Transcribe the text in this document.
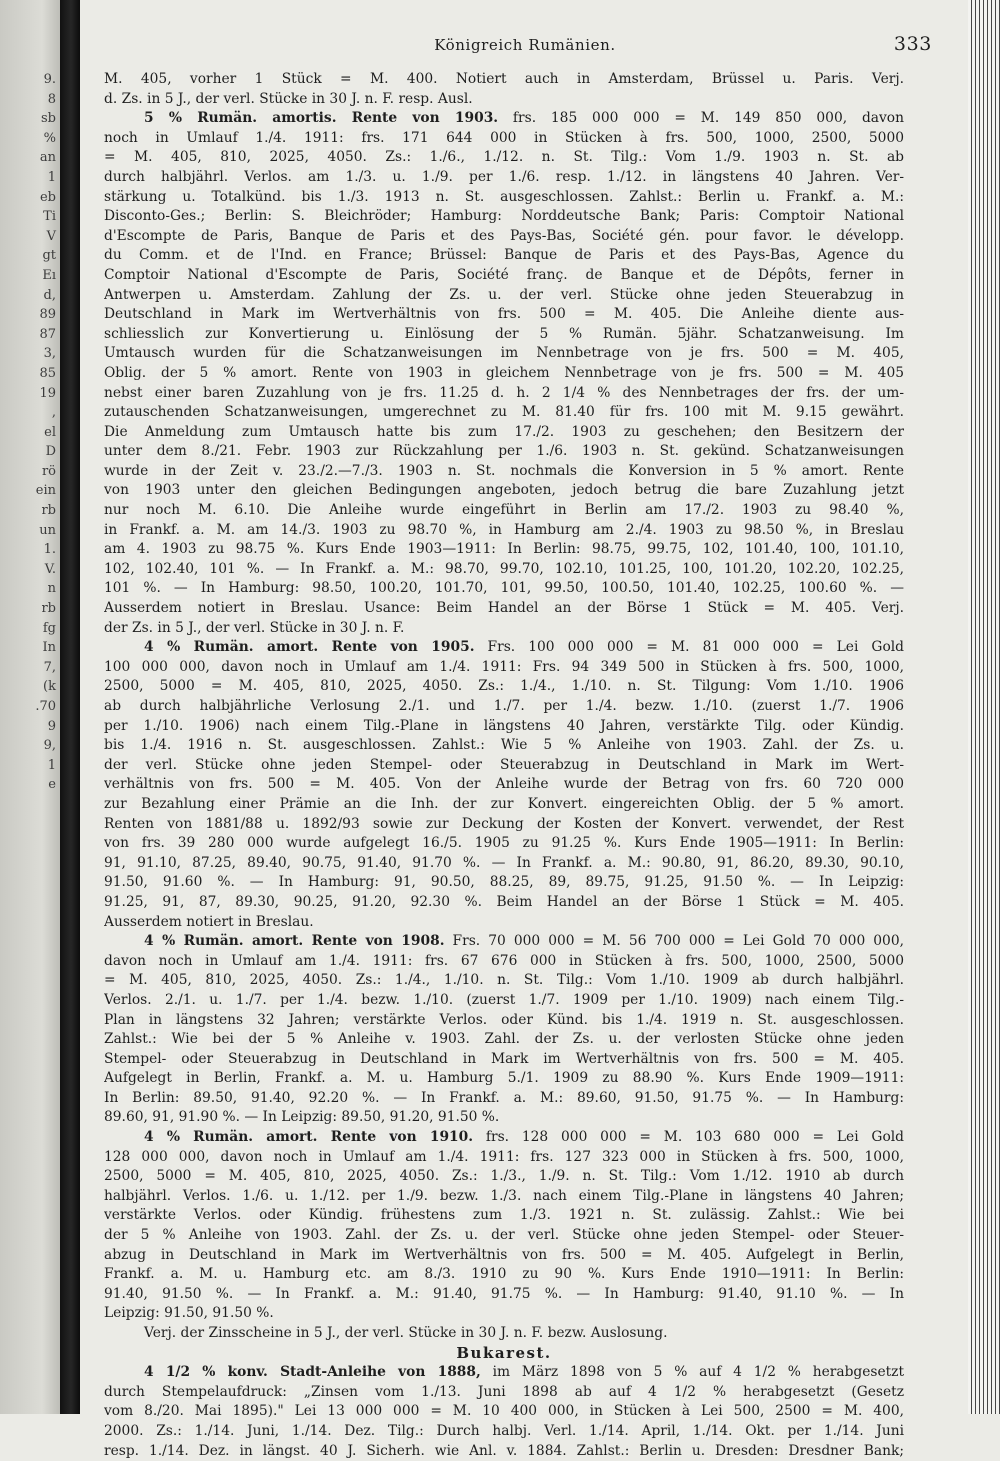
9.
8
sb
%
an
1
eb
Ti
V
gt
Eı
d,
89
87
3,
85
19
,
el
D
rö
ein
rb
un
1.
V.
n
rb
fg
In
7,
(k
.70
9
9,
1
e
Königreich Rumänien.	333
M. 405, vorher 1 Stück = M. 400. Notiert auch in Amsterdam, Brüssel u. Paris. Verj.
d. Zs. in 5 J., der verl. Stücke in 30 J. n. F. resp. Ausl.
5 % Rumän. amortis. Rente von 1903. frs. 185 000 000 = M. 149 850 000, davon
noch in Umlauf 1./4. 1911: frs. 171 644 000 in Stücken à frs. 500, 1000, 2500, 5000
= M. 405, 810, 2025, 4050. Zs.: 1./6., 1./12. n. St. Tilg.: Vom 1./9. 1903 n. St. ab
durch halbjährl. Verlos. am 1./3. u. 1./9. per 1./6. resp. 1./12. in längstens 40 Jahren. Ver-
stärkung u. Totalkünd. bis 1./3. 1913 n. St. ausgeschlossen. Zahlst.: Berlin u. Frankf. a. M.:
Disconto-Ges.; Berlin: S. Bleichröder; Hamburg: Norddeutsche Bank; Paris: Comptoir National
d'Escompte de Paris, Banque de Paris et des Pays-Bas, Société gén. pour favor. le développ.
du Comm. et de l'Ind. en France; Brüssel: Banque de Paris et des Pays-Bas, Agence du
Comptoir National d'Escompte de Paris, Société franç. de Banque et de Dépôts, ferner in
Antwerpen u. Amsterdam. Zahlung der Zs. u. der verl. Stücke ohne jeden Steuerabzug in
Deutschland in Mark im Wertverhältnis von frs. 500 = M. 405. Die Anleihe diente aus-
schliesslich zur Konvertierung u. Einlösung der 5 % Rumän. 5jähr. Schatzanweisung. Im
Umtausch wurden für die Schatzanweisungen im Nennbetrage von je frs. 500 = M. 405,
Oblig. der 5 % amort. Rente von 1903 in gleichem Nennbetrage von je frs. 500 = M. 405
nebst einer baren Zuzahlung von je frs. 11.25 d. h. 2 1/4 % des Nennbetrages der frs. der um-
zutauschenden Schatzanweisungen, umgerechnet zu M. 81.40 für frs. 100 mit M. 9.15 gewährt.
Die Anmeldung zum Umtausch hatte bis zum 17./2. 1903 zu geschehen; den Besitzern der
unter dem 8./21. Febr. 1903 zur Rückzahlung per 1./6. 1903 n. St. gekünd. Schatzanweisungen
wurde in der Zeit v. 23./2.—7./3. 1903 n. St. nochmals die Konversion in 5 % amort. Rente
von 1903 unter den gleichen Bedingungen angeboten, jedoch betrug die bare Zuzahlung jetzt
nur noch M. 6.10. Die Anleihe wurde eingeführt in Berlin am 17./2. 1903 zu 98.40 %,
in Frankf. a. M. am 14./3. 1903 zu 98.70 %, in Hamburg am 2./4. 1903 zu 98.50 %, in Breslau
am 4. 1903 zu 98.75 %. Kurs Ende 1903—1911: In Berlin: 98.75, 99.75, 102, 101.40, 100, 101.10,
102, 102.40, 101 %. — In Frankf. a. M.: 98.70, 99.70, 102.10, 101.25, 100, 101.20, 102.20, 102.25,
101 %. — In Hamburg: 98.50, 100.20, 101.70, 101, 99.50, 100.50, 101.40, 102.25, 100.60 %. —
Ausserdem notiert in Breslau. Usance: Beim Handel an der Börse 1 Stück = M. 405. Verj.
der Zs. in 5 J., der verl. Stücke in 30 J. n. F.
4 % Rumän. amort. Rente von 1905. Frs. 100 000 000 = M. 81 000 000 = Lei Gold
100 000 000, davon noch in Umlauf am 1./4. 1911: Frs. 94 349 500 in Stücken à frs. 500, 1000,
2500, 5000 = M. 405, 810, 2025, 4050. Zs.: 1./4., 1./10. n. St. Tilgung: Vom 1./10. 1906
ab durch halbjährliche Verlosung 2./1. und 1./7. per 1./4. bezw. 1./10. (zuerst 1./7. 1906
per 1./10. 1906) nach einem Tilg.-Plane in längstens 40 Jahren, verstärkte Tilg. oder Kündig.
bis 1./4. 1916 n. St. ausgeschlossen. Zahlst.: Wie 5 % Anleihe von 1903. Zahl. der Zs. u.
der verl. Stücke ohne jeden Stempel- oder Steuerabzug in Deutschland in Mark im Wert-
verhältnis von frs. 500 = M. 405. Von der Anleihe wurde der Betrag von frs. 60 720 000
zur Bezahlung einer Prämie an die Inh. der zur Konvert. eingereichten Oblig. der 5 % amort.
Renten von 1881/88 u. 1892/93 sowie zur Deckung der Kosten der Konvert. verwendet, der Rest
von frs. 39 280 000 wurde aufgelegt 16./5. 1905 zu 91.25 %. Kurs Ende 1905—1911: In Berlin:
91, 91.10, 87.25, 89.40, 90.75, 91.40, 91.70 %. — In Frankf. a. M.: 90.80, 91, 86.20, 89.30, 90.10,
91.50, 91.60 %. — In Hamburg: 91, 90.50, 88.25, 89, 89.75, 91.25, 91.50 %. — In Leipzig:
91.25, 91, 87, 89.30, 90.25, 91.20, 92.30 %. Beim Handel an der Börse 1 Stück = M. 405.
Ausserdem notiert in Breslau.
4 % Rumän. amort. Rente von 1908. Frs. 70 000 000 = M. 56 700 000 = Lei Gold 70 000 000,
davon noch in Umlauf am 1./4. 1911: frs. 67 676 000 in Stücken à frs. 500, 1000, 2500, 5000
= M. 405, 810, 2025, 4050. Zs.: 1./4., 1./10. n. St. Tilg.: Vom 1./10. 1909 ab durch halbjährl.
Verlos. 2./1. u. 1./7. per 1./4. bezw. 1./10. (zuerst 1./7. 1909 per 1./10. 1909) nach einem Tilg.-
Plan in längstens 32 Jahren; verstärkte Verlos. oder Künd. bis 1./4. 1919 n. St. ausgeschlossen.
Zahlst.: Wie bei der 5 % Anleihe v. 1903. Zahl. der Zs. u. der verlosten Stücke ohne jeden
Stempel- oder Steuerabzug in Deutschland in Mark im Wertverhältnis von frs. 500 = M. 405.
Aufgelegt in Berlin, Frankf. a. M. u. Hamburg 5./1. 1909 zu 88.90 %. Kurs Ende 1909—1911:
In Berlin: 89.50, 91.40, 92.20 %. — In Frankf. a. M.: 89.60, 91.50, 91.75 %. — In Hamburg:
89.60, 91, 91.90 %. — In Leipzig: 89.50, 91.20, 91.50 %.
4 % Rumän. amort. Rente von 1910. frs. 128 000 000 = M. 103 680 000 = Lei Gold
128 000 000, davon noch in Umlauf am 1./4. 1911: frs. 127 323 000 in Stücken à frs. 500, 1000,
2500, 5000 = M. 405, 810, 2025, 4050. Zs.: 1./3., 1./9. n. St. Tilg.: Vom 1./12. 1910 ab durch
halbjährl. Verlos. 1./6. u. 1./12. per 1./9. bezw. 1./3. nach einem Tilg.-Plane in längstens 40 Jahren;
verstärkte Verlos. oder Kündig. frühestens zum 1./3. 1921 n. St. zulässig. Zahlst.: Wie bei
der 5 % Anleihe von 1903. Zahl. der Zs. u. der verl. Stücke ohne jeden Stempel- oder Steuer-
abzug in Deutschland in Mark im Wertverhältnis von frs. 500 = M. 405. Aufgelegt in Berlin,
Frankf. a. M. u. Hamburg etc. am 8./3. 1910 zu 90 %. Kurs Ende 1910—1911: In Berlin:
91.40, 91.50 %. — In Frankf. a. M.: 91.40, 91.75 %. — In Hamburg: 91.40, 91.10 %. — In
Leipzig: 91.50, 91.50 %.
Verj. der Zinsscheine in 5 J., der verl. Stücke in 30 J. n. F. bezw. Auslosung.
Bukarest.
4 1/2 % konv. Stadt-Anleihe von 1888, im März 1898 von 5 % auf 4 1/2 % herabgesetzt
durch Stempelaufdruck: „Zinsen vom 1./13. Juni 1898 ab auf 4 1/2 % herabgesetzt (Gesetz
vom 8./20. Mai 1895)." Lei 13 000 000 = M. 10 400 000, in Stücken à Lei 500, 2500 = M. 400,
2000. Zs.: 1./14. Juni, 1./14. Dez. Tilg.: Durch halbj. Verl. 1./14. April, 1./14. Okt. per 1./14. Juni
resp. 1./14. Dez. in längst. 40 J. Sicherh. wie Anl. v. 1884. Zahlst.: Berlin u. Dresden: Dresdner Bank;
